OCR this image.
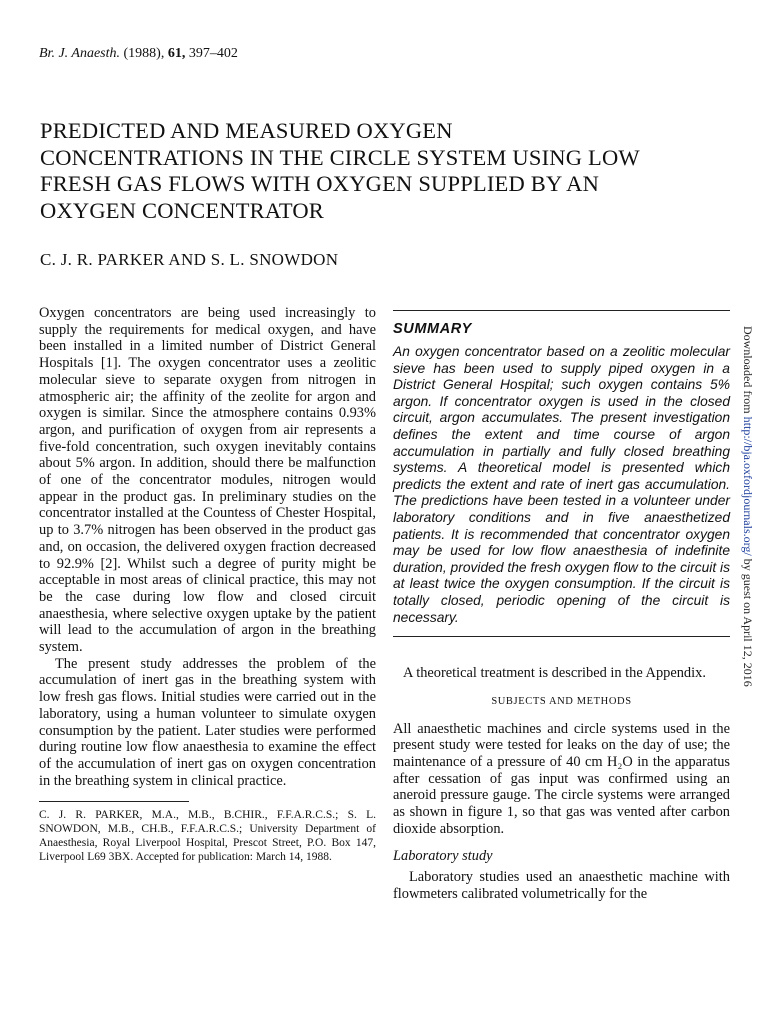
Br. J. Anaesth. (1988), 61, 397–402
PREDICTED AND MEASURED OXYGEN
CONCENTRATIONS IN THE CIRCLE SYSTEM USING LOW
FRESH GAS FLOWS WITH OXYGEN SUPPLIED BY AN
OXYGEN CONCENTRATOR
C. J. R. PARKER AND S. L. SNOWDON

Oxygen concentrators are being used increasingly to supply the requirements for medical oxygen, and have been installed in a limited number of District General Hospitals [1]. The oxygen concentrator uses a zeolitic molecular sieve to separate oxygen from nitrogen in atmospheric air; the affinity of the zeolite for argon and oxygen is similar. Since the atmosphere contains 0.93% argon, and purification of oxygen from air represents a five-fold concentration, such oxygen inevitably contains about 5% argon. In addition, should there be malfunction of one of the concentrator modules, nitrogen would appear in the product gas. In preliminary studies on the concentrator installed at the Countess of Chester Hospital, up to 3.7% nitrogen has been observed in the product gas and, on occasion, the delivered oxygen fraction decreased to 92.9% [2]. Whilst such a degree of purity might be acceptable in most areas of clinical practice, this may not be the case during low flow and closed circuit anaesthesia, where selective oxygen uptake by the patient will lead to the accumulation of argon in the breathing system.

The present study addresses the problem of the accumulation of inert gas in the breathing system with low fresh gas flows. Initial studies were carried out in the laboratory, using a human volunteer to simulate oxygen consumption by the patient. Later studies were performed during routine low flow anaesthesia to examine the effect of the accumulation of inert gas on oxygen concentration in the breathing system in clinical practice.

C. J. R. PARKER, M.A., M.B., B.CHIR., F.F.A.R.C.S.; S. L. SNOWDON, M.B., CH.B., F.F.A.R.C.S.; University Department of Anaesthesia, Royal Liverpool Hospital, Prescot Street, P.O. Box 147, Liverpool L69 3BX. Accepted for publication: March 14, 1988.
SUMMARY

An oxygen concentrator based on a zeolitic molecular sieve has been used to supply piped oxygen in a District General Hospital; such oxygen contains 5% argon. If concentrator oxygen is used in the closed circuit, argon accumulates. The present investigation defines the extent and time course of argon accumulation in partially and fully closed breathing systems. A theoretical model is presented which predicts the extent and rate of inert gas accumulation. The predictions have been tested in a volunteer under laboratory conditions and in five anaesthetized patients. It is recommended that concentrator oxygen may be used for low flow anaesthesia of indefinite duration, provided the fresh oxygen flow to the circuit is at least twice the oxygen consumption. If the circuit is totally closed, periodic opening of the circuit is necessary.

A theoretical treatment is described in the Appendix.

SUBJECTS AND METHODS

All anaesthetic machines and circle systems used in the present study were tested for leaks on the day of use; the maintenance of a pressure of 40 cm H₂O in the apparatus after cessation of gas input was confirmed using an aneroid pressure gauge. The circle systems were arranged as shown in figure 1, so that gas was vented after carbon dioxide absorption.

Laboratory study

Laboratory studies used an anaesthetic machine with flowmeters calibrated volumetrically for the

Downloaded from http://bja.oxfordjournals.org/ by guest on April 12, 2016
